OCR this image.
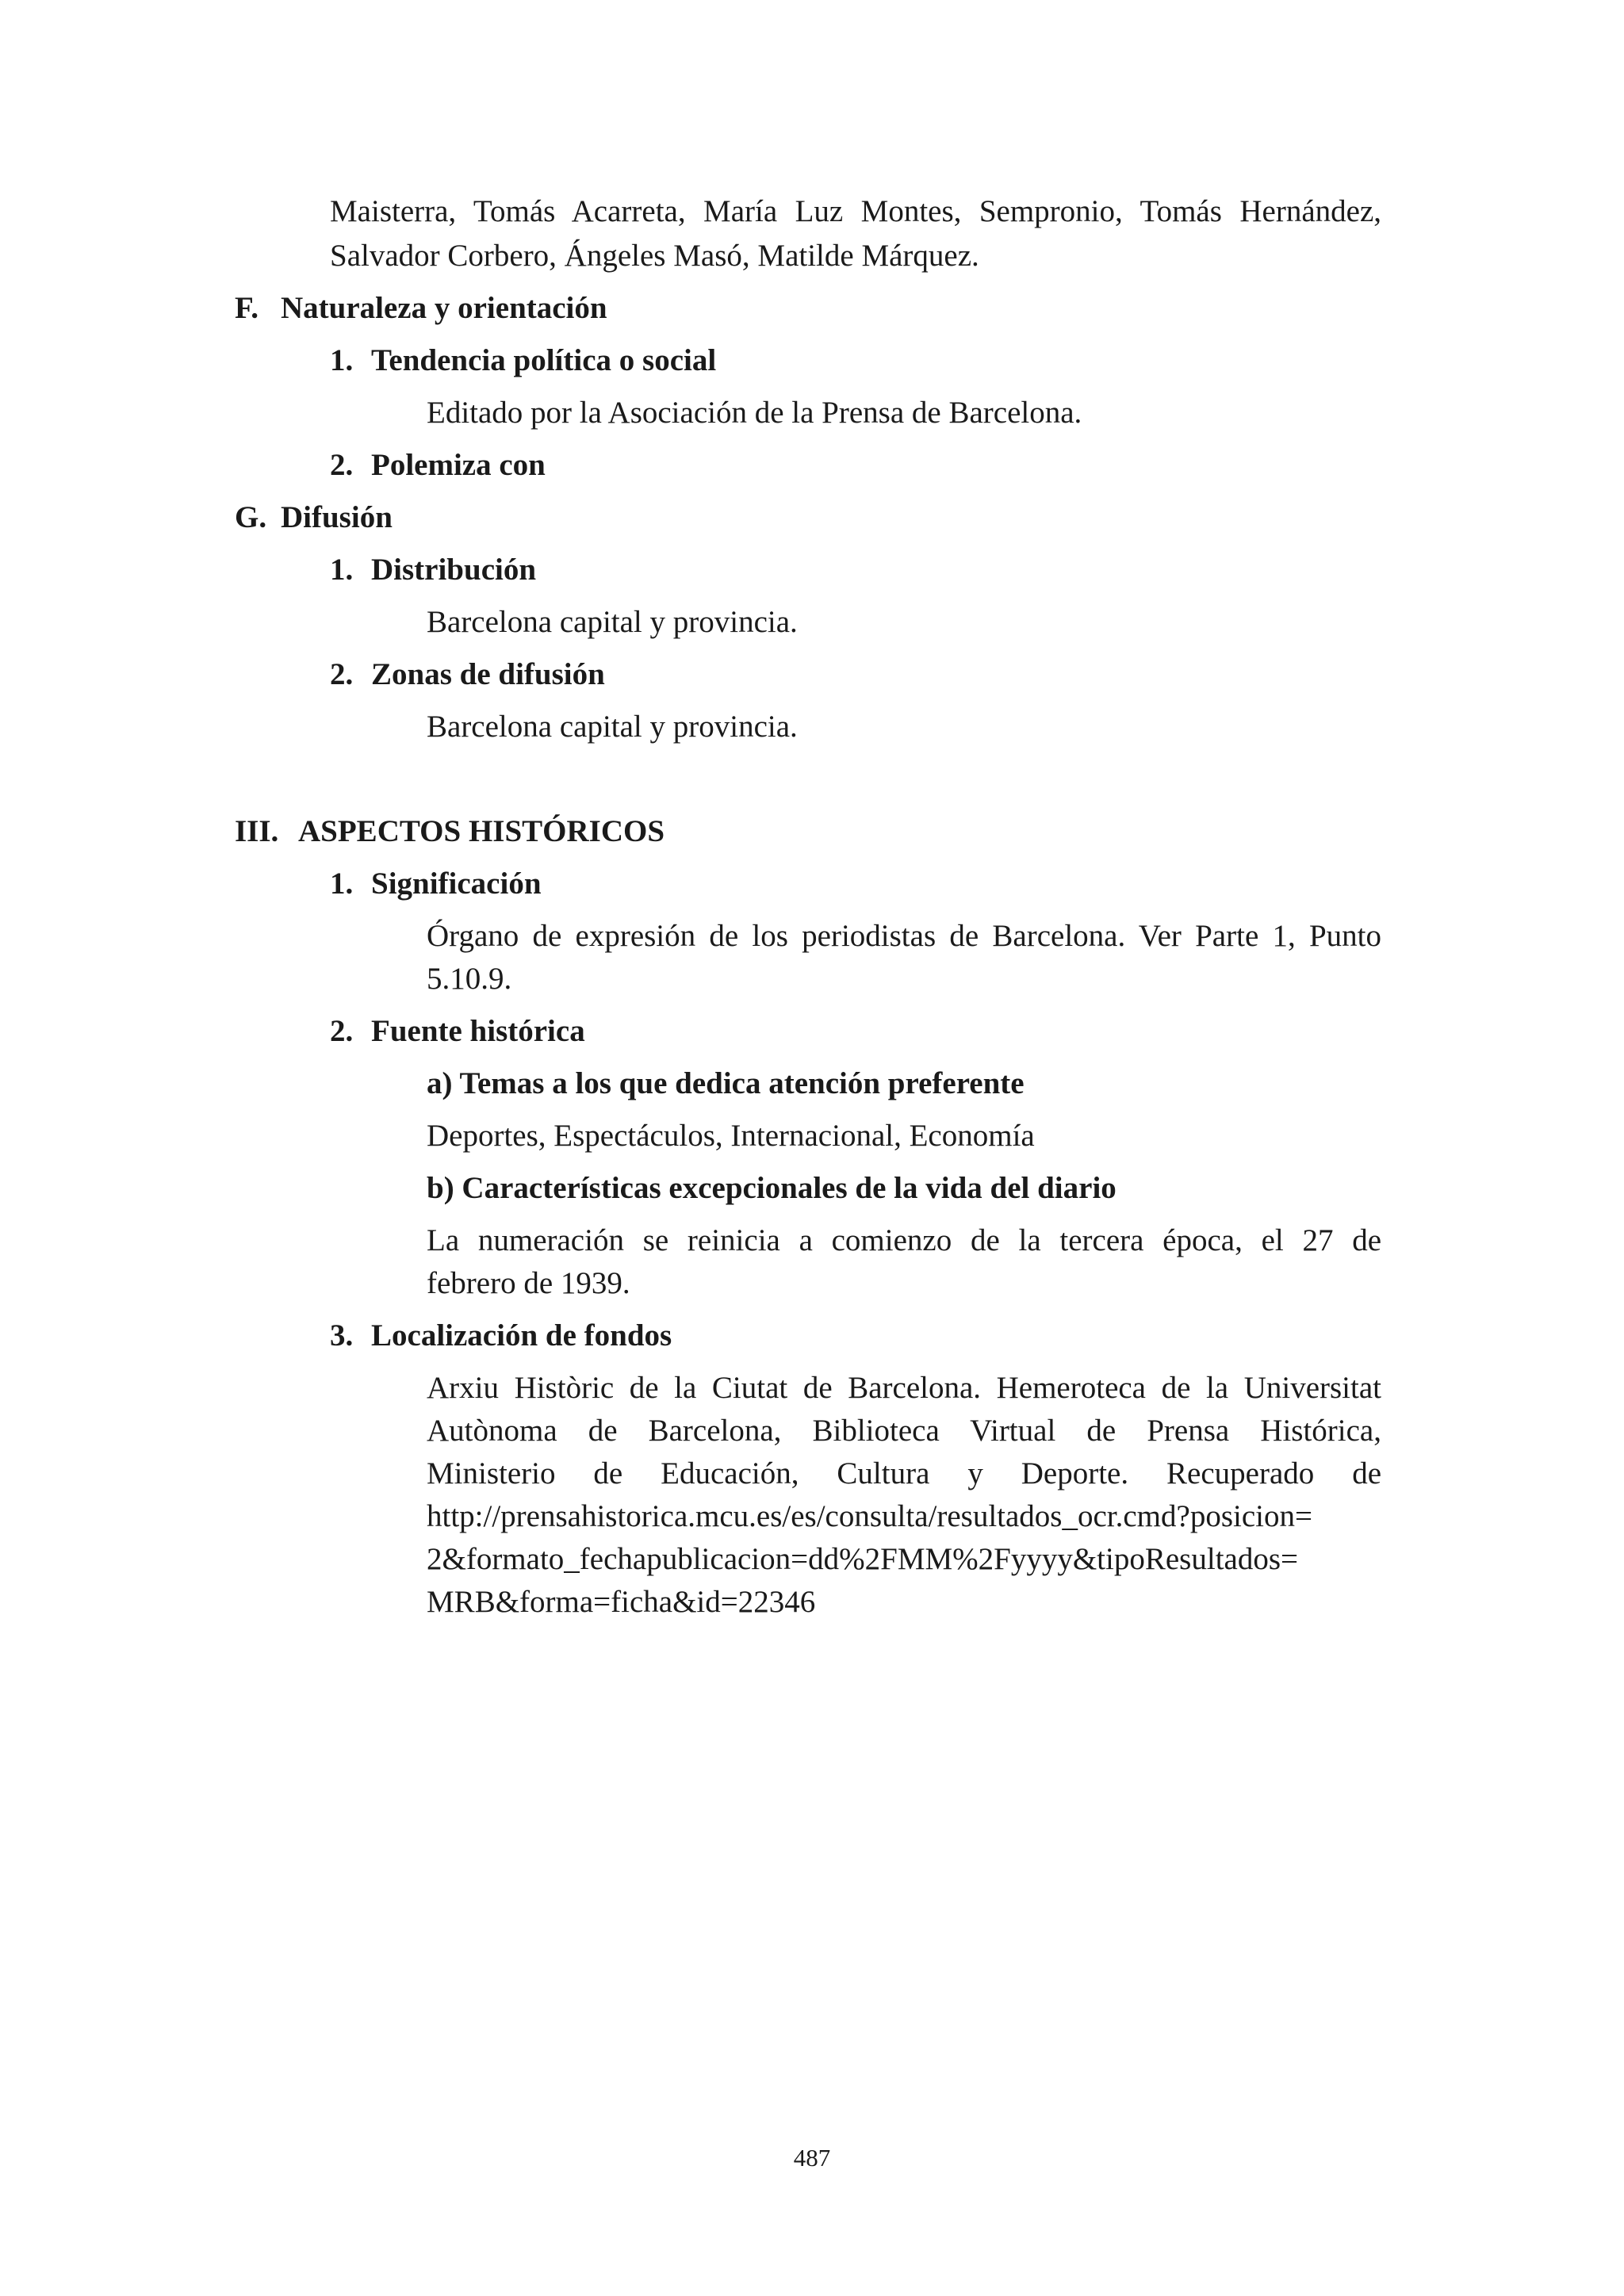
Maisterra, Tomás Acarreta, María Luz Montes, Sempronio, Tomás Hernández,
Salvador Corbero, Ángeles Masó, Matilde Márquez.
F. Naturaleza y orientación
1. Tendencia política o social
Editado por la Asociación de la Prensa de Barcelona.
2. Polemiza con
G. Difusión
1. Distribución
Barcelona capital y provincia.
2. Zonas de difusión
Barcelona capital y provincia.
III. ASPECTOS HISTÓRICOS
1. Significación
Órgano de expresión de los periodistas de Barcelona. Ver Parte 1, Punto
5.10.9.
2. Fuente histórica
a) Temas a los que dedica atención preferente
Deportes, Espectáculos, Internacional, Economía
b) Características excepcionales de la vida del diario
La numeración se reinicia a comienzo de la tercera época, el 27 de
febrero de 1939.
3. Localización de fondos
Arxiu Històric de la Ciutat de Barcelona. Hemeroteca de la Universitat
Autònoma de Barcelona, Biblioteca Virtual de Prensa Histórica,
Ministerio de Educación, Cultura y Deporte. Recuperado de
http://prensahistorica.mcu.es/es/consulta/resultados_ocr.cmd?posicion=
2&formato_fechapublicacion=dd%2FMM%2Fyyyy&tipoResultados=
MRB&forma=ficha&id=22346
487
